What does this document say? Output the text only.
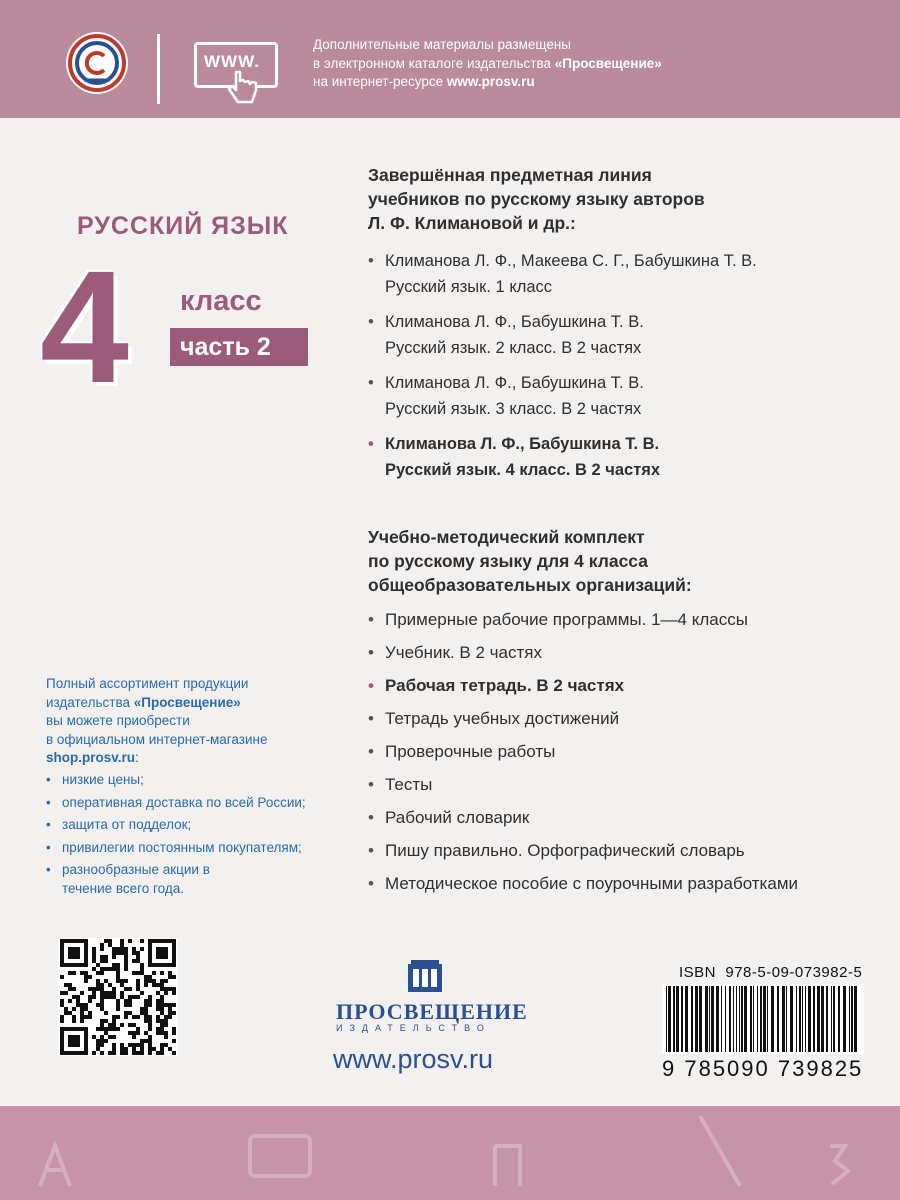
WWW.
Дополнительные материалы размещены
в электронном каталоге издательства «Просвещение»
на интернет-ресурсе www.prosv.ru
РУССКИЙ ЯЗЫК
4	класс
часть 2
Завершённая предметная линия
учебников по русскому языку авторов
Л. Ф. Климановой и др.:
• Климанова Л. Ф., Макеева С. Г., Бабушкина Т. В.
Русский язык. 1 класс
• Климанова Л. Ф., Бабушкина Т. В.
Русский язык. 2 класс. В 2 частях
• Климанова Л. Ф., Бабушкина Т. В.
Русский язык. 3 класс. В 2 частях
• Климанова Л. Ф., Бабушкина Т. В.
Русский язык. 4 класс. В 2 частях
Учебно-методический комплект
по русскому языку для 4 класса
общеобразовательных организаций:
• Примерные рабочие программы. 1—4 классы
• Учебник. В 2 частях
• Рабочая тетрадь. В 2 частях
• Тетрадь учебных достижений
• Проверочные работы
• Тесты
• Рабочий словарик
• Пишу правильно. Орфографический словарь
• Методическое пособие с поурочными разработками
Полный ассортимент продукции
издательства «Просвещение»
вы можете приобрести
в официальном интернет-магазине
shop.prosv.ru:
• низкие цены;
• оперативная доставка по всей России;
• защита от подделок;
• привилегии постоянным покупателям;
• разнообразные акции в течение всего года.
ПРОСВЕЩЕНИЕ
ИЗДАТЕЛЬСТВО
www.prosv.ru
ISBN 978-5-09-073982-5
9 785090 739825
